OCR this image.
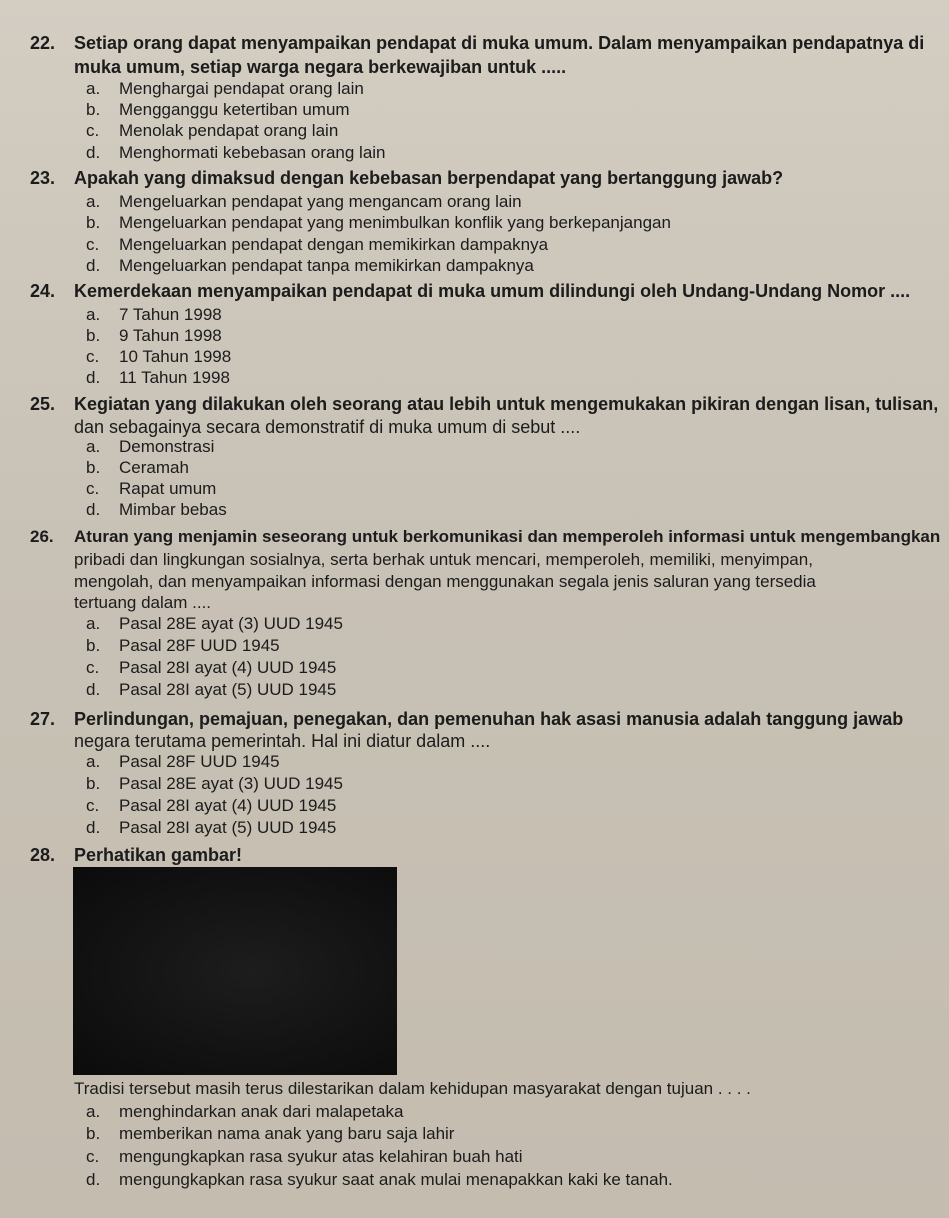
22. Setiap orang dapat menyampaikan pendapat di muka umum. Dalam menyampaikan pendapatnya di
muka umum, setiap warga negara berkewajiban untuk .....
a. Menghargai pendapat orang lain
b. Mengganggu ketertiban umum
c. Menolak pendapat orang lain
d. Menghormati kebebasan orang lain
23. Apakah yang dimaksud dengan kebebasan berpendapat yang bertanggung jawab?
a. Mengeluarkan pendapat yang mengancam orang lain
b. Mengeluarkan pendapat yang menimbulkan konflik yang berkepanjangan
c. Mengeluarkan pendapat dengan memikirkan dampaknya
d. Mengeluarkan pendapat tanpa memikirkan dampaknya
24. Kemerdekaan menyampaikan pendapat di muka umum dilindungi oleh Undang-Undang Nomor ....
a. 7 Tahun 1998
b. 9 Tahun 1998
c. 10 Tahun 1998
d. 11 Tahun 1998
25. Kegiatan yang dilakukan oleh seorang atau lebih untuk mengemukakan pikiran dengan lisan, tulisan,
dan sebagainya secara demonstratif di muka umum di sebut ....
a. Demonstrasi
b. Ceramah
c. Rapat umum
d. Mimbar bebas
26. Aturan yang menjamin seseorang untuk berkomunikasi dan memperoleh informasi untuk mengembangkan
pribadi dan lingkungan sosialnya, serta berhak untuk mencari, memperoleh, memiliki, menyimpan,
mengolah, dan menyampaikan informasi dengan menggunakan segala jenis saluran yang tersedia
tertuang dalam ....
a. Pasal 28E ayat (3) UUD 1945
b. Pasal 28F UUD 1945
c. Pasal 28I ayat (4) UUD 1945
d. Pasal 28I ayat (5) UUD 1945
27. Perlindungan, pemajuan, penegakan, dan pemenuhan hak asasi manusia adalah tanggung jawab
negara terutama pemerintah. Hal ini diatur dalam ....
a. Pasal 28F UUD 1945
b. Pasal 28E ayat (3) UUD 1945
c. Pasal 28I ayat (4) UUD 1945
d. Pasal 28I ayat (5) UUD 1945
28. Perhatikan gambar!
Tradisi tersebut masih terus dilestarikan dalam kehidupan masyarakat dengan tujuan . . . .
a. menghindarkan anak dari malapetaka
b. memberikan nama anak yang baru saja lahir
c. mengungkapkan rasa syukur atas kelahiran buah hati
d. mengungkapkan rasa syukur saat anak mulai menapakkan kaki ke tanah.
